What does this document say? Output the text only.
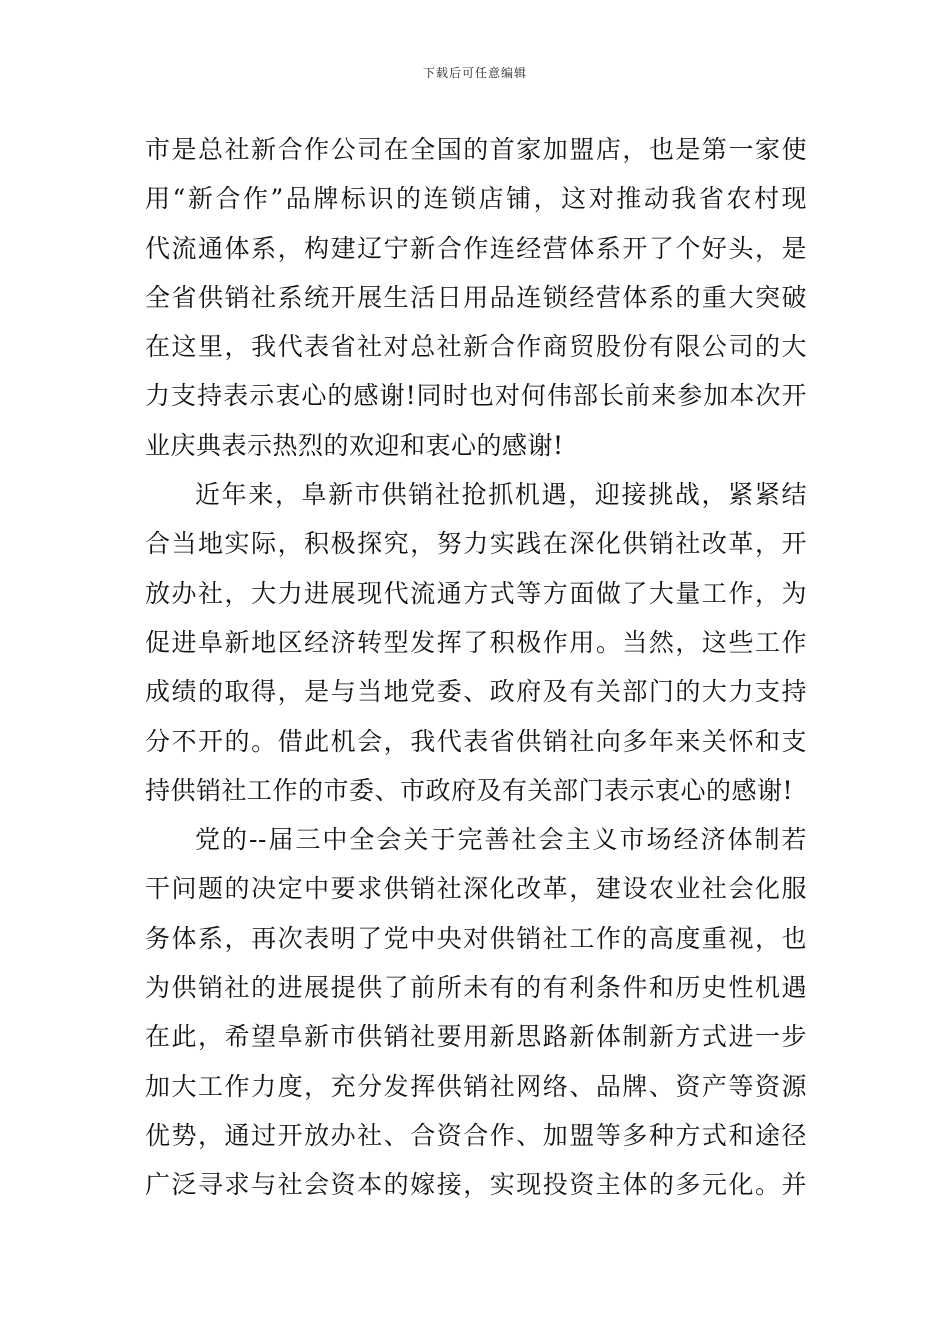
下载后可任意编辑
市是总社新合作公司在全国的首家加盟店，也是第一家使
用“新合作”品牌标识的连锁店铺，这对推动我省农村现
代流通体系，构建辽宁新合作连经营体系开了个好头，是
全省供销社系统开展生活日用品连锁经营体系的重大突破
在这里，我代表省社对总社新合作商贸股份有限公司的大
力支持表示衷心的感谢!同时也对何伟部长前来参加本次开
业庆典表示热烈的欢迎和衷心的感谢!
近年来，阜新市供销社抢抓机遇，迎接挑战，紧紧结
合当地实际，积极探究，努力实践在深化供销社改革，开
放办社，大力进展现代流通方式等方面做了大量工作，为
促进阜新地区经济转型发挥了积极作用。当然，这些工作
成绩的取得，是与当地党委、政府及有关部门的大力支持
分不开的。借此机会，我代表省供销社向多年来关怀和支
持供销社工作的市委、市政府及有关部门表示衷心的感谢!
党的--届三中全会关于完善社会主义市场经济体制若
干问题的决定中要求供销社深化改革，建设农业社会化服
务体系，再次表明了党中央对供销社工作的高度重视，也
为供销社的进展提供了前所未有的有利条件和历史性机遇
在此，希望阜新市供销社要用新思路新体制新方式进一步
加大工作力度，充分发挥供销社网络、品牌、资产等资源
优势，通过开放办社、合资合作、加盟等多种方式和途径
广泛寻求与社会资本的嫁接，实现投资主体的多元化。并
